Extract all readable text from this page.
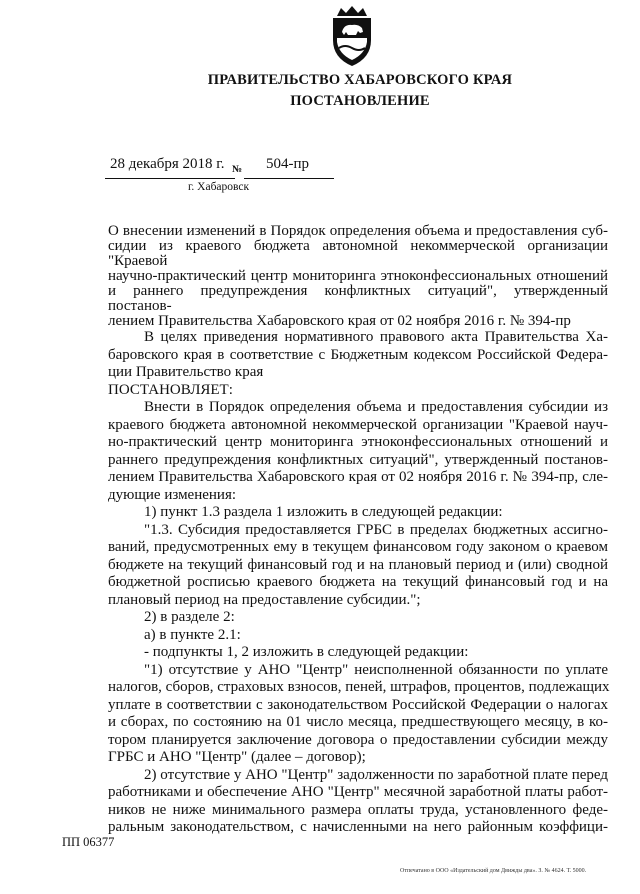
ПРАВИТЕЛЬСТВО ХАБАРОВСКОГО КРАЯ
ПОСТАНОВЛЕНИЕ
28 декабря 2018 г. № 504-пр
г. Хабаровск
О внесении изменений в Порядок определения объема и предоставления суб-
сидии из краевого бюджета автономной некоммерческой организации "Краевой
научно-практический центр мониторинга этноконфессиональных отношений
и раннего предупреждения конфликтных ситуаций", утвержденный постанов-
лением Правительства Хабаровского края от 02 ноября 2016 г. № 394-пр
В целях приведения нормативного правового акта Правительства Ха-
баровского края в соответствие с Бюджетным кодексом Российской Федера-
ции Правительство края
ПОСТАНОВЛЯЕТ:
Внести в Порядок определения объема и предоставления субсидии из
краевого бюджета автономной некоммерческой организации "Краевой науч-
но-практический центр мониторинга этноконфессиональных отношений и
раннего предупреждения конфликтных ситуаций", утвержденный постанов-
лением Правительства Хабаровского края от 02 ноября 2016 г. № 394-пр, сле-
дующие изменения:
1) пункт 1.3 раздела 1 изложить в следующей редакции:
"1.3. Субсидия предоставляется ГРБС в пределах бюджетных ассигно-
ваний, предусмотренных ему в текущем финансовом году законом о краевом
бюджете на текущий финансовый год и на плановый период и (или) сводной
бюджетной росписью краевого бюджета на текущий финансовый год и на
плановый период на предоставление субсидии.";
2) в разделе 2:
а) в пункте 2.1:
- подпункты 1, 2 изложить в следующей редакции:
"1) отсутствие у АНО "Центр" неисполненной обязанности по уплате
налогов, сборов, страховых взносов, пеней, штрафов, процентов, подлежащих
уплате в соответствии с законодательством Российской Федерации о налогах
и сборах, по состоянию на 01 число месяца, предшествующего месяцу, в ко-
тором планируется заключение договора о предоставлении субсидии между
ГРБС и АНО "Центр" (далее – договор);
2) отсутствие у АНО "Центр" задолженности по заработной плате перед
работниками и обеспечение АНО "Центр" месячной заработной платы работ-
ников не ниже минимального размера оплаты труда, установленного феде-
ральным законодательством, с начисленными на него районным коэффици-
ПП 06377
Отпечатано в ООО «Издательский дом Движды два». З. № 4624. Т. 5000.
